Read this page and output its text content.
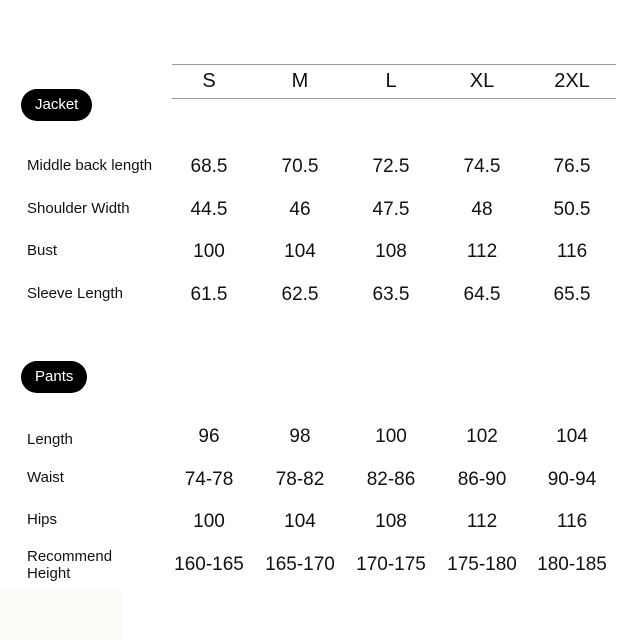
S	M	L	XL	2XL
Jacket
Middle back length	68.5	70.5	72.5	74.5	76.5
Shoulder Width	44.5	46	47.5	48	50.5
Bust	100	104	108	112	116
Sleeve Length	61.5	62.5	63.5	64.5	65.5
Pants
Length	96	98	100	102	104
Waist	74-78	78-82	82-86	86-90	90-94
Hips	100	104	108	112	116
Recommend Height	160-165	165-170	170-175	175-180	180-185
